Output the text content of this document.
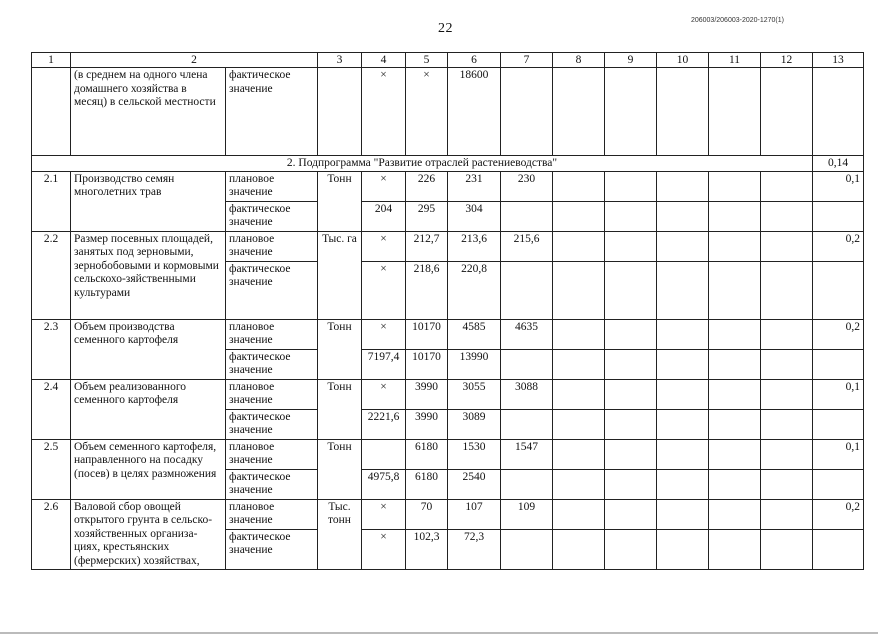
22
206003/206003-2020-1270(1)
1	2		3	4	5	6	7	8	9	10	11	12	13
	(в среднем на одного члена домашнего хозяйства в месяц) в сельской местности	фактическое значение		×	×	18600							
2. Подпрограмма "Развитие отраслей растениеводства"													0,14
2.1	Производство семян многолетних трав	плановое значение	Тонн	×	226	231	230						0,1
		фактическое значение		204	295	304							
2.2	Размер посевных площадей, занятых под зерновыми, зернобобовыми и кормовыми сельскохо-зяйственными культурами	плановое значение	Тыс. га	×	212,7	213,6	215,6						0,2
		фактическое значение		×	218,6	220,8							
2.3	Объем производства семенного картофеля	плановое значение	Тонн	×	10170	4585	4635						0,2
		фактическое значение		7197,4	10170	13990							
2.4	Объем реализованного семенного картофеля	плановое значение	Тонн	×	3990	3055	3088						0,1
		фактическое значение		2221,6	3990	3089							
2.5	Объем семенного картофеля, направленного на посадку (посев) в целях размножения	плановое значение	Тонн		6180	1530	1547						0,1
		фактическое значение		4975,8	6180	2540							
2.6	Валовой сбор овощей открытого грунта в сельско-хозяйственных организа-циях, крестьянских (фермерских) хозяйствах,	плановое значение	Тыс. тонн	×	70	107	109						0,2
		фактическое значение		×	102,3	72,3							
